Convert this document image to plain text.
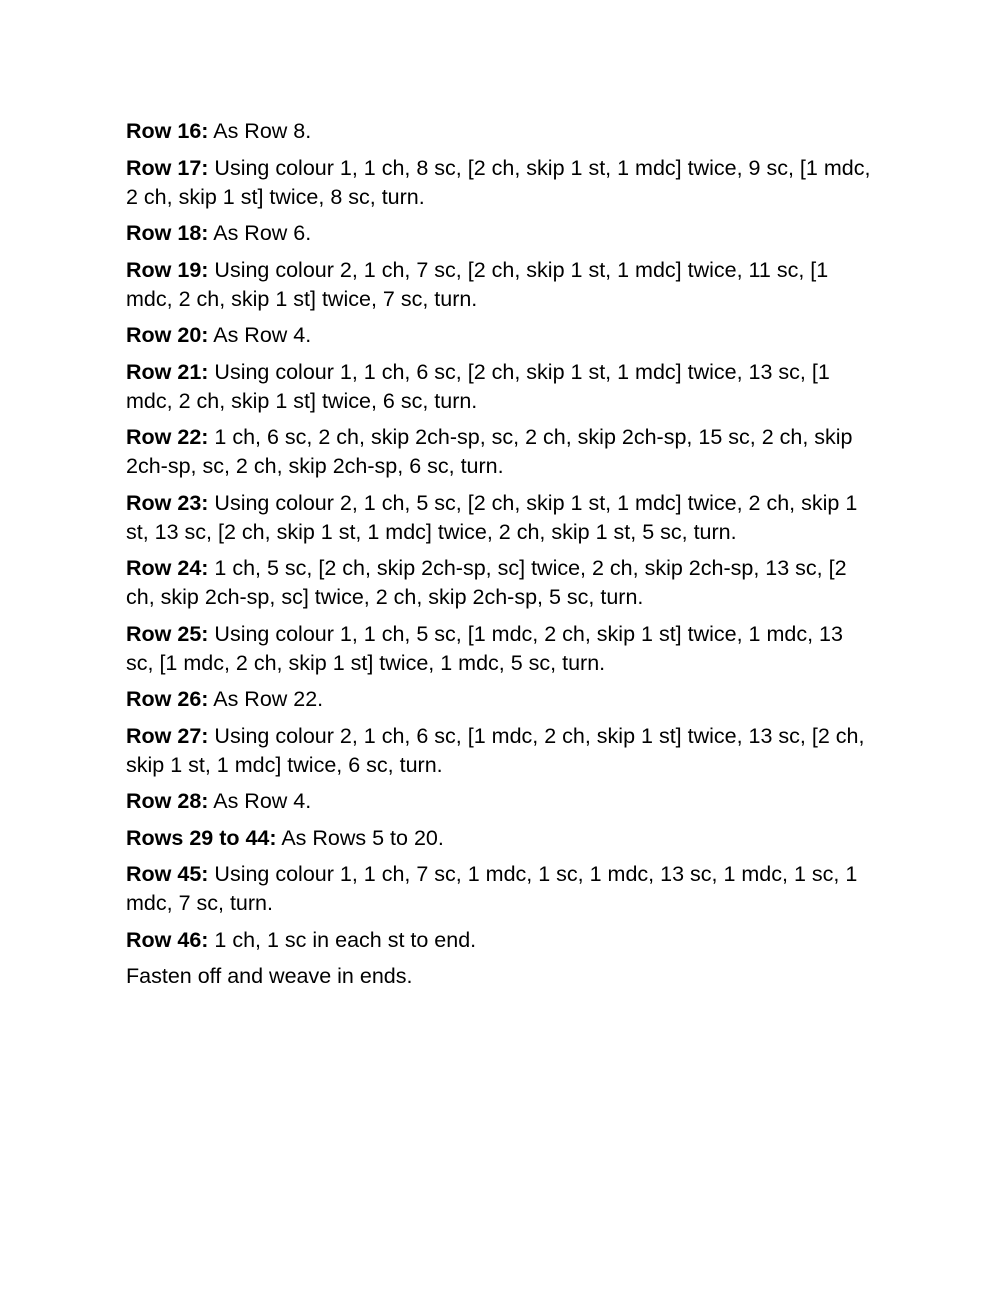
Row 16: As Row 8.

Row 17: Using colour 1, 1 ch, 8 sc, [2 ch, skip 1 st, 1 mdc] twice, 9 sc, [1 mdc, 2 ch, skip 1 st] twice, 8 sc, turn.

Row 18: As Row 6.

Row 19: Using colour 2, 1 ch, 7 sc, [2 ch, skip 1 st, 1 mdc] twice, 11 sc, [1 mdc, 2 ch, skip 1 st] twice, 7 sc, turn.

Row 20: As Row 4.

Row 21: Using colour 1, 1 ch, 6 sc, [2 ch, skip 1 st, 1 mdc] twice, 13 sc, [1 mdc, 2 ch, skip 1 st] twice, 6 sc, turn.

Row 22: 1 ch, 6 sc, 2 ch, skip 2ch-sp, sc, 2 ch, skip 2ch-sp, 15 sc, 2 ch, skip 2ch-sp, sc, 2 ch, skip 2ch-sp, 6 sc, turn.

Row 23: Using colour 2, 1 ch, 5 sc, [2 ch, skip 1 st, 1 mdc] twice, 2 ch, skip 1 st, 13 sc, [2 ch, skip 1 st, 1 mdc] twice, 2 ch, skip 1 st, 5 sc, turn.

Row 24: 1 ch, 5 sc, [2 ch, skip 2ch-sp, sc] twice, 2 ch, skip 2ch-sp, 13 sc, [2 ch, skip 2ch-sp, sc] twice, 2 ch, skip 2ch-sp, 5 sc, turn.

Row 25: Using colour 1, 1 ch, 5 sc, [1 mdc, 2 ch, skip 1 st] twice, 1 mdc, 13 sc, [1 mdc, 2 ch, skip 1 st] twice, 1 mdc, 5 sc, turn.

Row 26: As Row 22.

Row 27: Using colour 2, 1 ch, 6 sc, [1 mdc, 2 ch, skip 1 st] twice, 13 sc, [2 ch, skip 1 st, 1 mdc] twice, 6 sc, turn.

Row 28: As Row 4.

Rows 29 to 44: As Rows 5 to 20.

Row 45: Using colour 1, 1 ch, 7 sc, 1 mdc, 1 sc, 1 mdc, 13 sc, 1 mdc, 1 sc, 1 mdc, 7 sc, turn.

Row 46: 1 ch, 1 sc in each st to end.

Fasten off and weave in ends.
